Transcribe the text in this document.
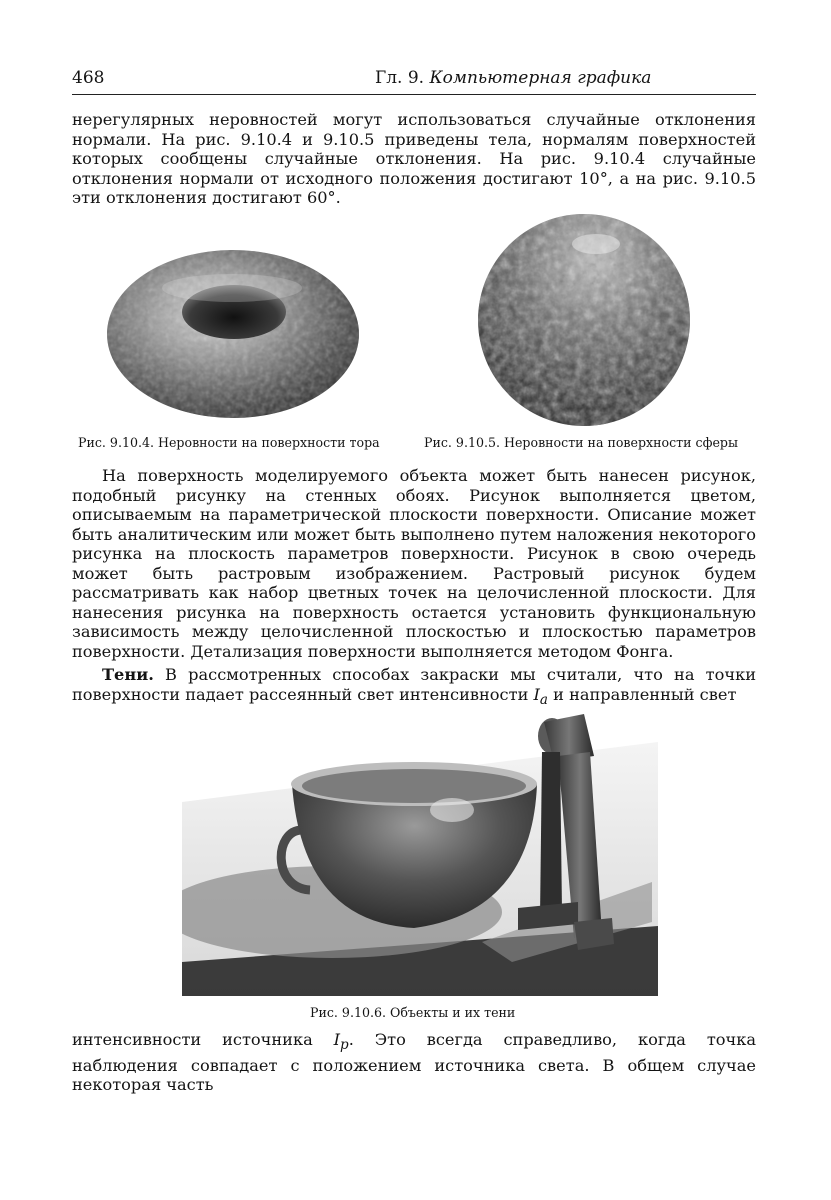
468	Гл. 9. Компьютерная графика

нерегулярных неровностей могут использоваться случайные отклонения нормали. На рис. 9.10.4 и 9.10.5 приведены тела, нормалям поверхностей которых сообщены случайные отклонения. На рис. 9.10.4 случайные отклонения нормали от исходного положения достигают 10°, а на рис. 9.10.5 эти отклонения достигают 60°.

Рис. 9.10.4. Неровности на поверхности тора	Рис. 9.10.5. Неровности на поверхности сферы

На поверхность моделируемого объекта может быть нанесен рисунок, подобный рисунку на стенных обоях. Рисунок выполняется цветом, описываемым на параметрической плоскости поверхности. Описание может быть аналитическим или может быть выполнено путем наложения некоторого рисунка на плоскость параметров поверхности. Рисунок в свою очередь может быть растровым изображением. Растровый рисунок будем рассматривать как набор цветных точек на целочисленной плоскости. Для нанесения рисунка на поверхность остается установить функциональную зависимость между целочисленной плоскостью и плоскостью параметров поверхности. Детализация поверхности выполняется методом Фонга.

Тени. В рассмотренных способах закраски мы считали, что на точки поверхности падает рассеянный свет интенсивности $I_a$ и направленный свет

Рис. 9.10.6. Объекты и их тени

интенсивности источника $I_p$. Это всегда справедливо, когда точка наблюдения совпадает с положением источника света. В общем случае некоторая часть
